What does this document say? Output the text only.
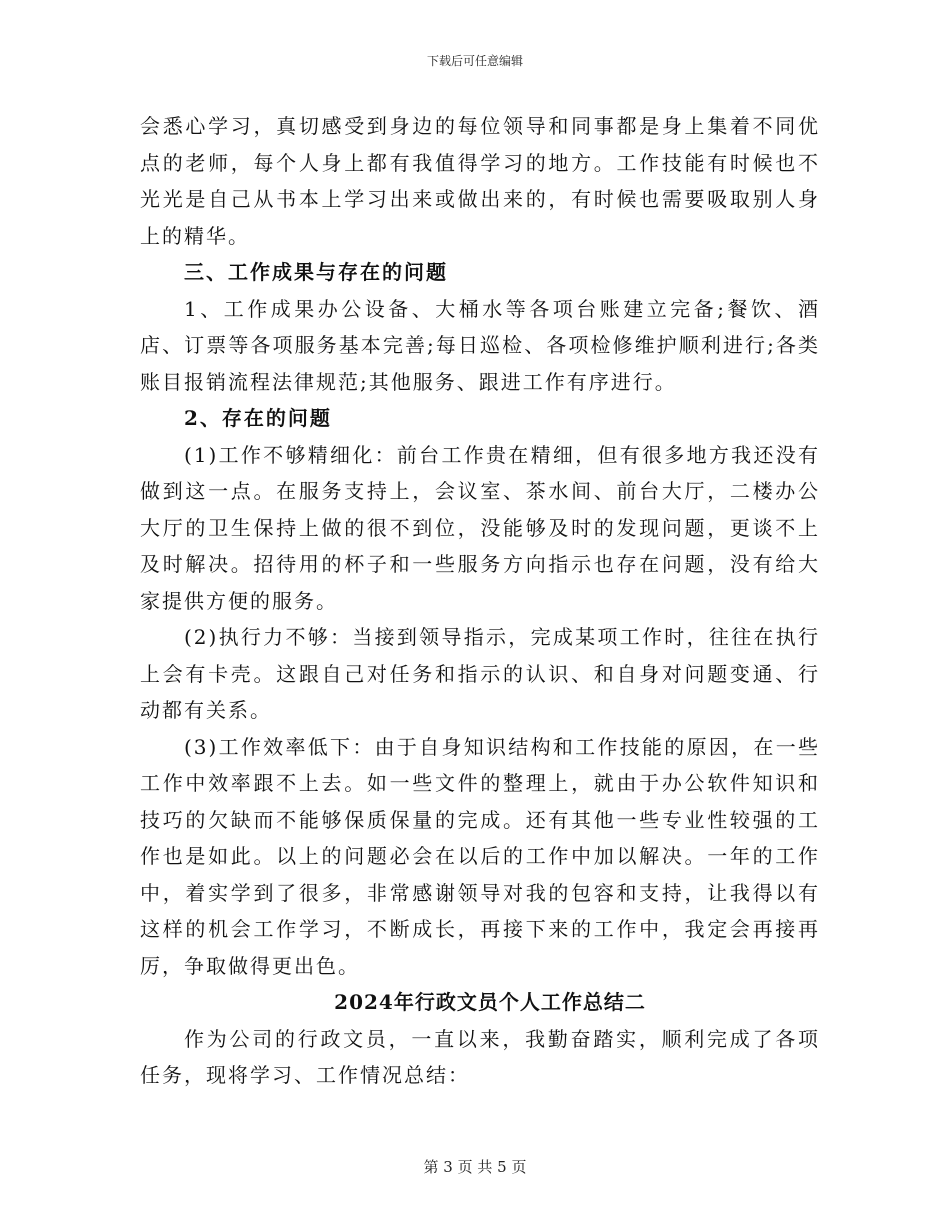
下载后可任意编辑

会悉心学习，真切感受到身边的每位领导和同事都是身上集着不同优点的老师，每个人身上都有我值得学习的地方。工作技能有时候也不光光是自己从书本上学习出来或做出来的，有时候也需要吸取别人身上的精华。

三、工作成果与存在的问题

1、工作成果办公设备、大桶水等各项台账建立完备;餐饮、酒店、订票等各项服务基本完善;每日巡检、各项检修维护顺利进行;各类账目报销流程法律规范;其他服务、跟进工作有序进行。

2、存在的问题

(1)工作不够精细化：前台工作贵在精细，但有很多地方我还没有做到这一点。在服务支持上，会议室、茶水间、前台大厅，二楼办公大厅的卫生保持上做的很不到位，没能够及时的发现问题，更谈不上及时解决。招待用的杯子和一些服务方向指示也存在问题，没有给大家提供方便的服务。

(2)执行力不够：当接到领导指示，完成某项工作时，往往在执行上会有卡壳。这跟自己对任务和指示的认识、和自身对问题变通、行动都有关系。

(3)工作效率低下：由于自身知识结构和工作技能的原因，在一些工作中效率跟不上去。如一些文件的整理上，就由于办公软件知识和技巧的欠缺而不能够保质保量的完成。还有其他一些专业性较强的工作也是如此。以上的问题必会在以后的工作中加以解决。一年的工作中，着实学到了很多，非常感谢领导对我的包容和支持，让我得以有这样的机会工作学习，不断成长，再接下来的工作中，我定会再接再厉，争取做得更出色。

2024年行政文员个人工作总结二

作为公司的行政文员，一直以来，我勤奋踏实，顺利完成了各项任务，现将学习、工作情况总结：

第 3 页 共 5 页
